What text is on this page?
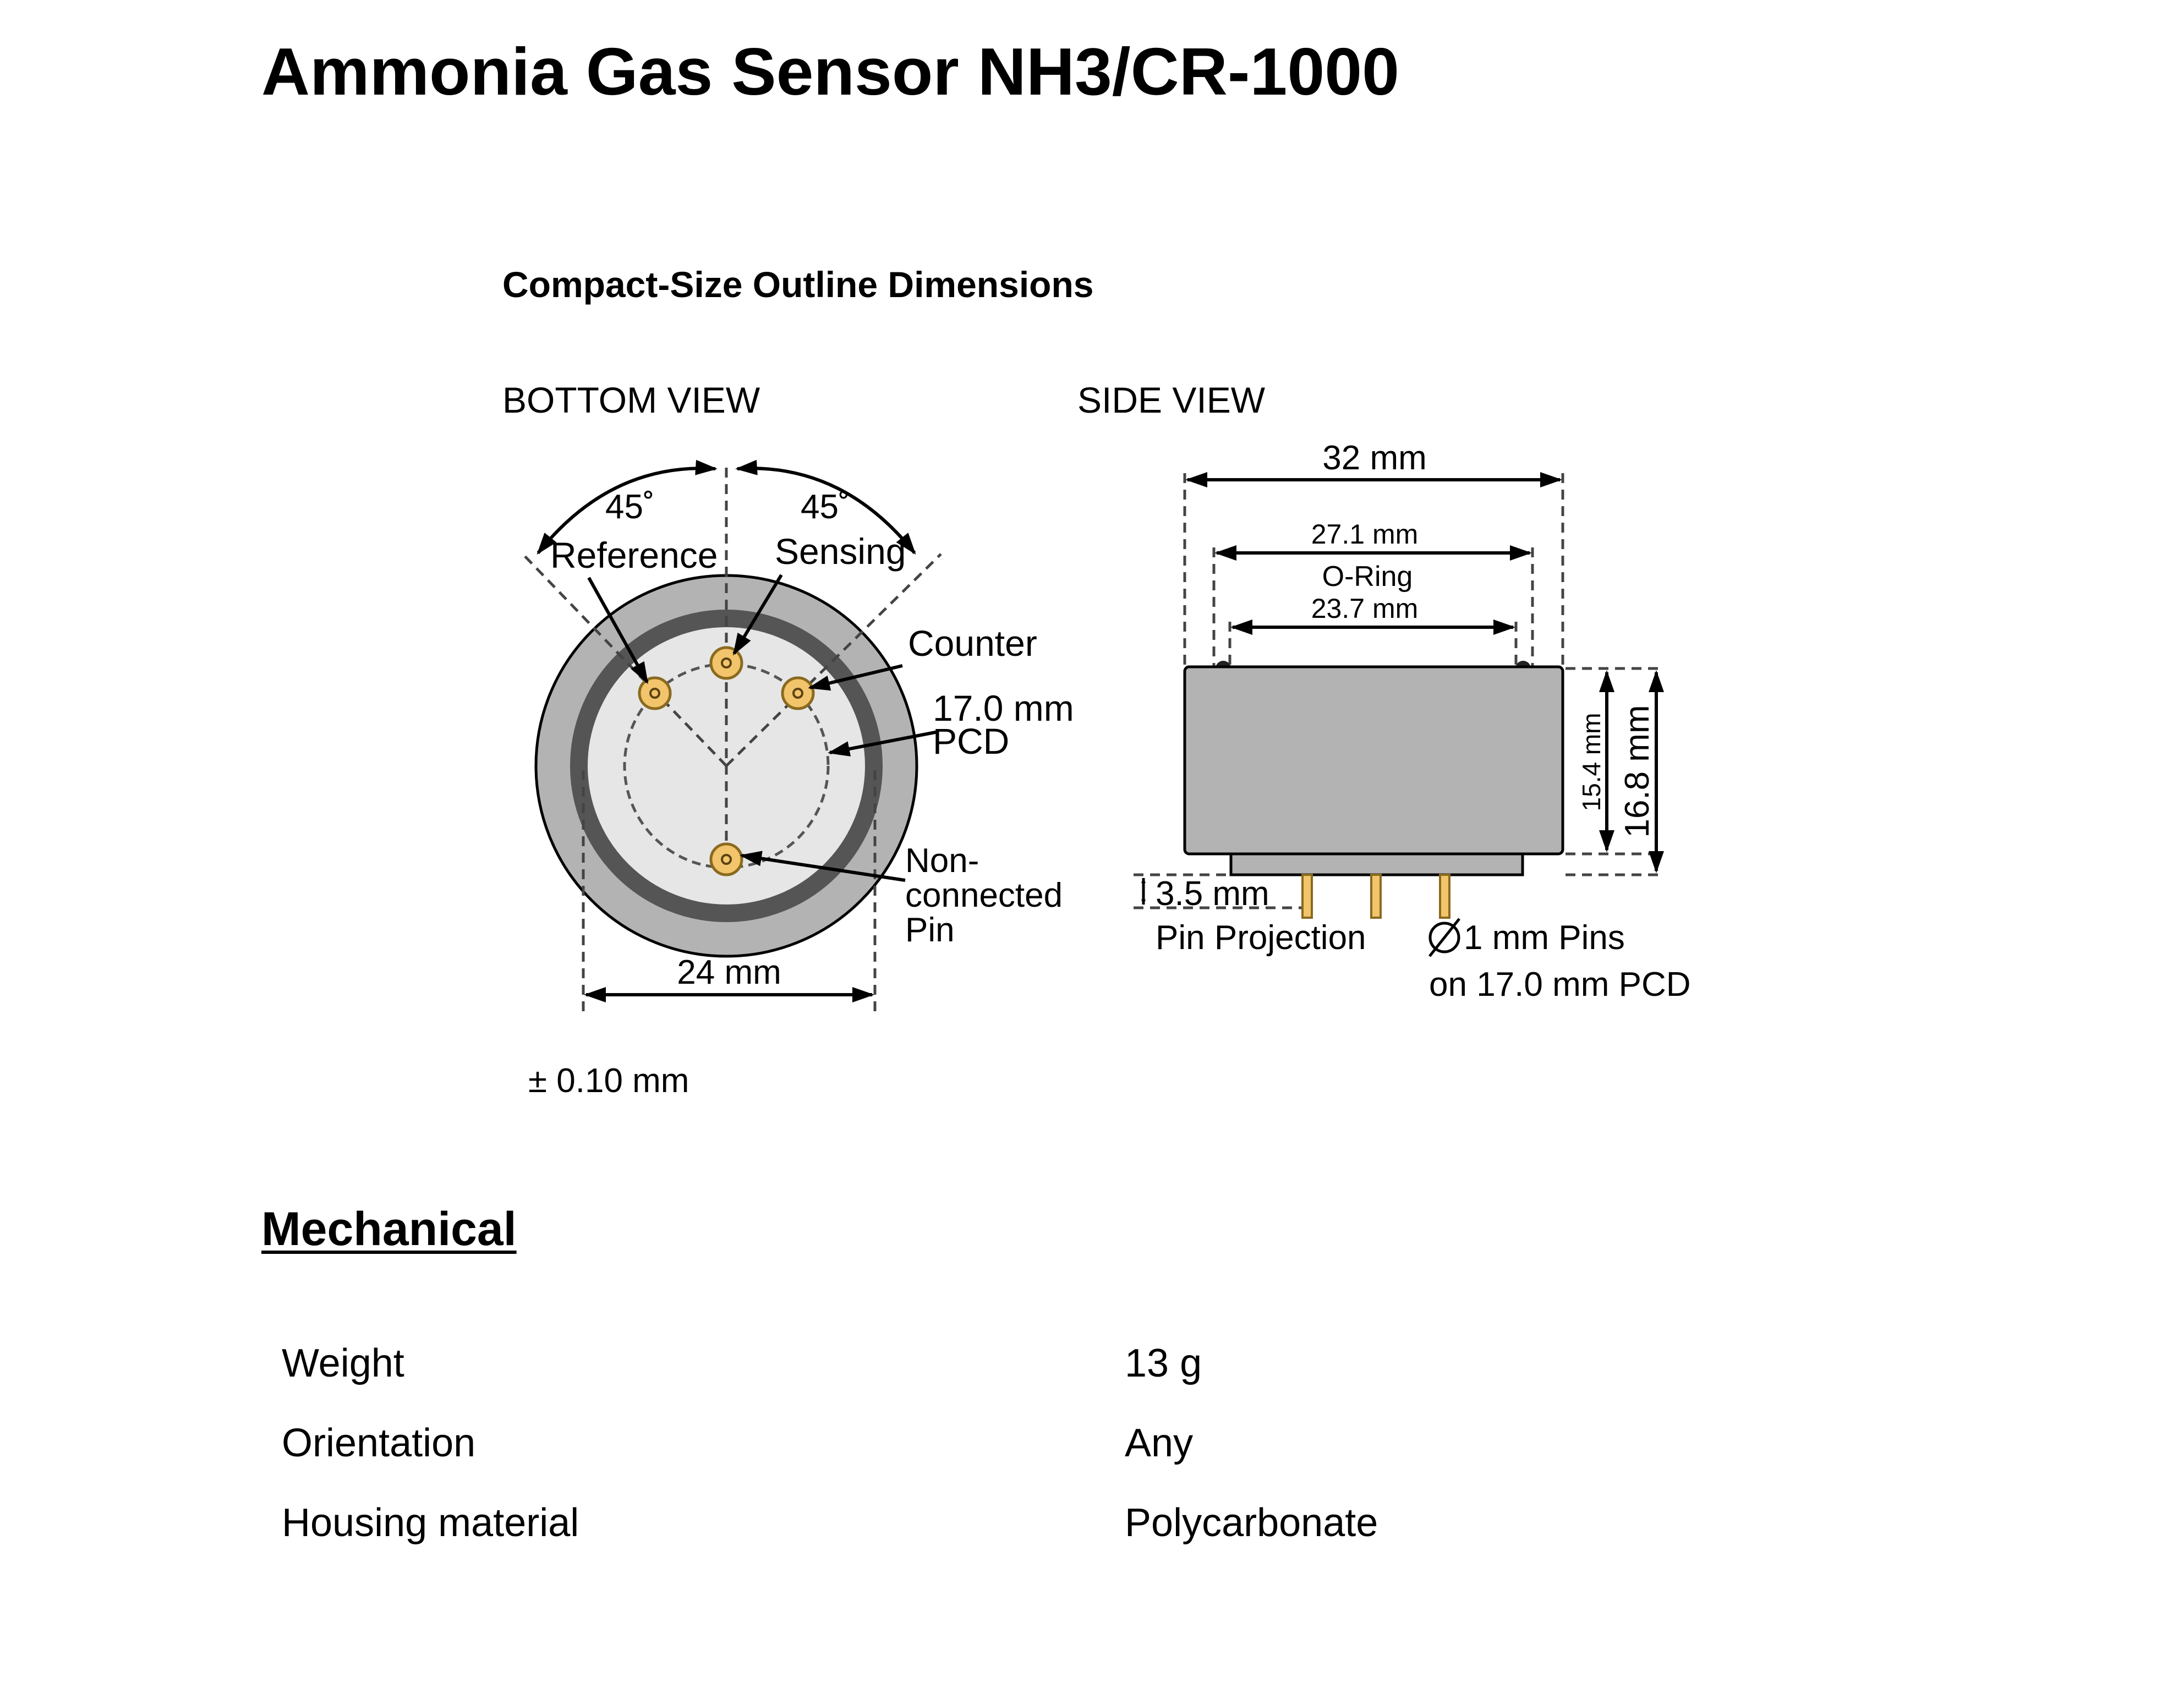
Ammonia Gas Sensor NH3/CR-1000
Compact-Size Outline Dimensions
BOTTOM VIEW
45˚	45˚
Reference Sensing
Counter
17.0 mm
PCD
Non-
connected
Pin
24 mm
± 0.10 mm
SIDE VIEW
32 mm
27.1 mm
O-Ring
23.7 mm
15.4 mm 16.8 mm
3.5 mm
Pin Projection	1 mm Pins
on 17.0 mm PCD
Mechanical
Weight	13 g
Orientation	Any
Housing material	Polycarbonate
